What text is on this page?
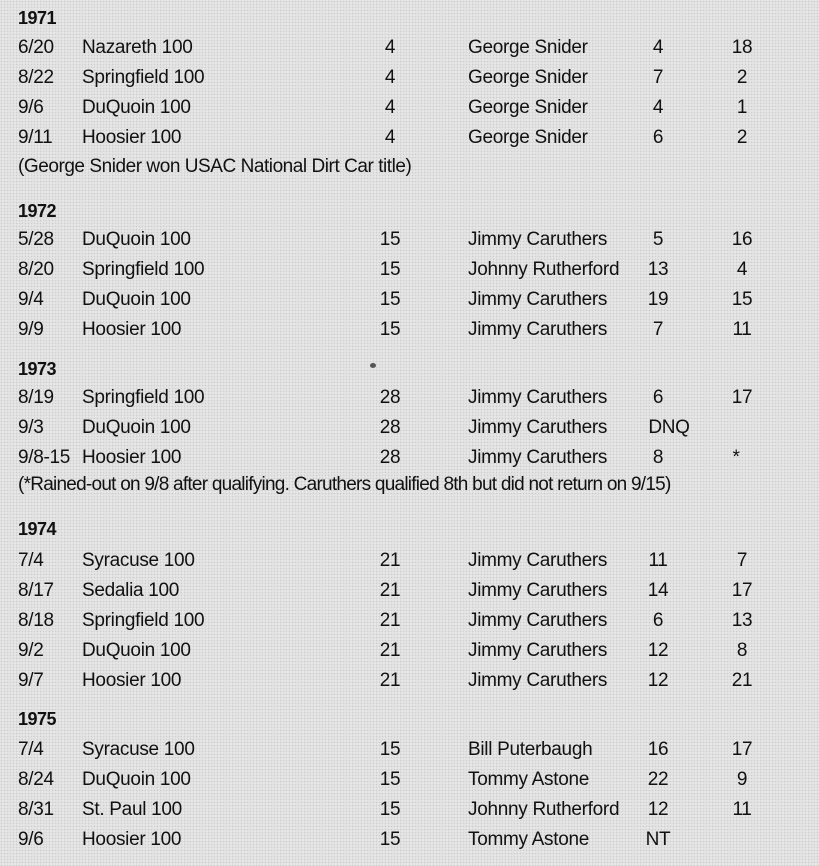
1971
6/20 Nazareth 100	4	George Snider	4	18
8/22 Springfield 100	4	George Snider	7	2
9/6 DuQuoin 100	4	George Snider	4	1
9/11 Hoosier 100	4	George Snider	6	2
(George Snider won USAC National Dirt Car title)
1972
5/28 DuQuoin 100	15	Jimmy Caruthers	5	16
8/20 Springfield 100	15	Johnny Rutherford	13	4
9/4 DuQuoin 100	15	Jimmy Caruthers	19	15
9/9 Hoosier 100	15	Jimmy Caruthers	7	11
1973
8/19 Springfield 100	28	Jimmy Caruthers	6	17
9/3 DuQuoin 100	28	Jimmy Caruthers	DNQ
9/8-15 Hoosier 100	28	Jimmy Caruthers	8	*
(*Rained-out on 9/8 after qualifying. Caruthers qualified 8th but did not return on 9/15)
1974
7/4 Syracuse 100	21	Jimmy Caruthers	11	7
8/17 Sedalia 100	21	Jimmy Caruthers	14	17
8/18 Springfield 100	21	Jimmy Caruthers	6	13
9/2 DuQuoin 100	21	Jimmy Caruthers	12	8
9/7 Hoosier 100	21	Jimmy Caruthers	12	21
1975
7/4 Syracuse 100	15	Bill Puterbaugh	16	17
8/24 DuQuoin 100	15	Tommy Astone	22	9
8/31 St. Paul 100	15	Johnny Rutherford	12	11
9/6 Hoosier 100	15	Tommy Astone	NT
